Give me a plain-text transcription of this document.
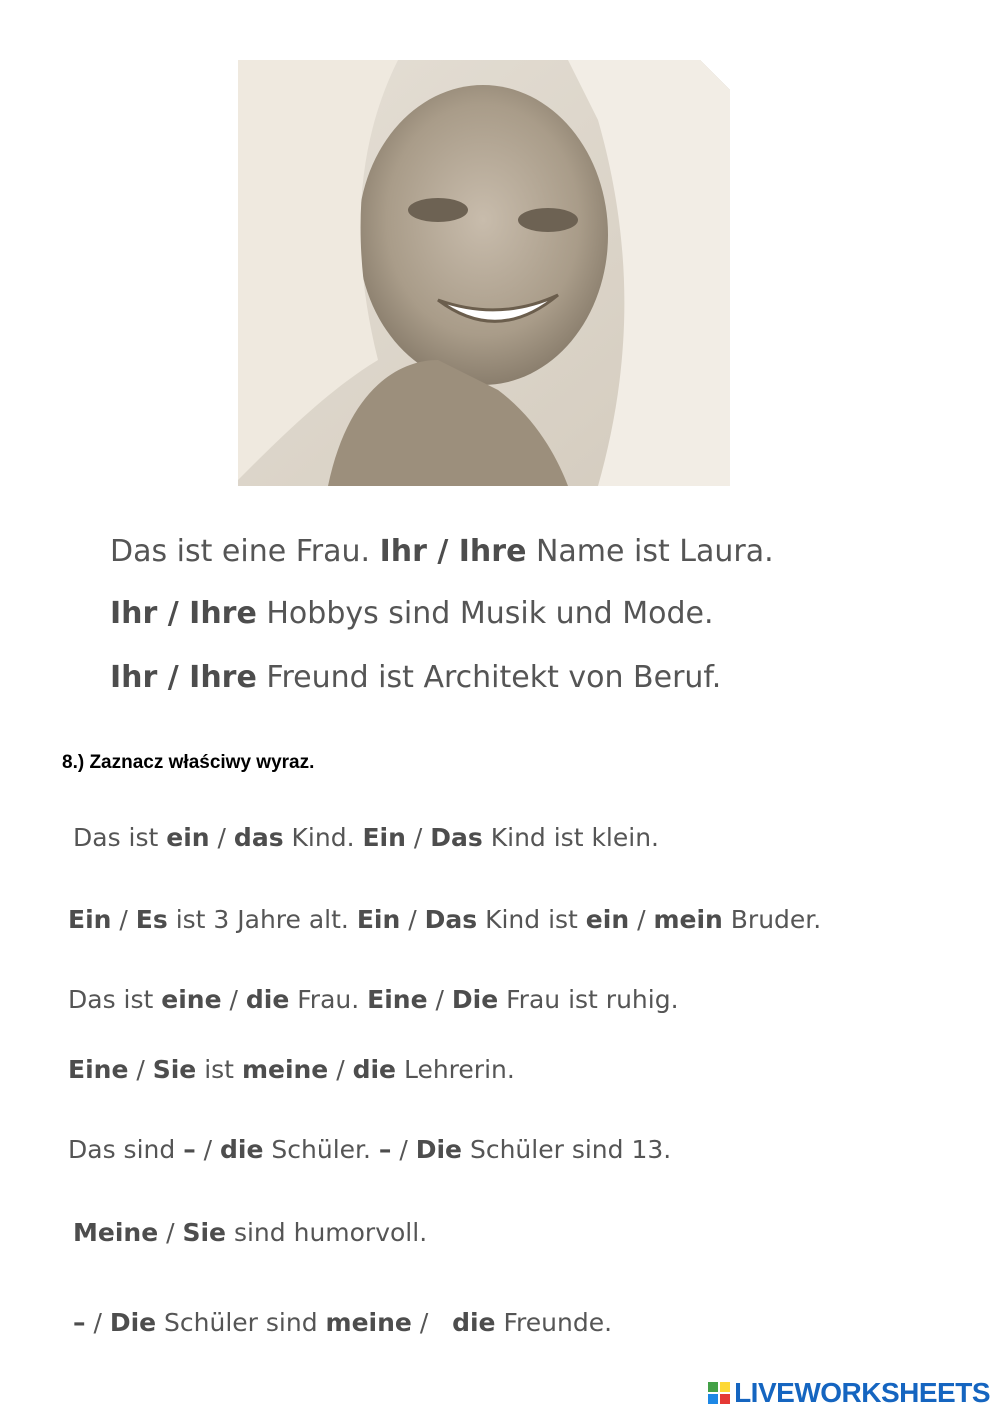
Das ist eine Frau. Ihr / Ihre Name ist Laura.
Ihr / Ihre Hobbys sind Musik und Mode.
Ihr / Ihre Freund ist Architekt von Beruf.
8.) Zaznacz właściwy wyraz.
Das ist ein / das Kind. Ein / Das Kind ist klein.
Ein / Es ist 3 Jahre alt. Ein / Das Kind ist ein / mein Bruder.
Das ist eine / die Frau. Eine / Die Frau ist ruhig.
Eine / Sie ist meine / die Lehrerin.
Das sind – / die Schüler. – / Die Schüler sind 13.
Meine / Sie sind humorvoll.
– / Die Schüler sind meine /   die Freunde.
LIVEWORKSHEETS
